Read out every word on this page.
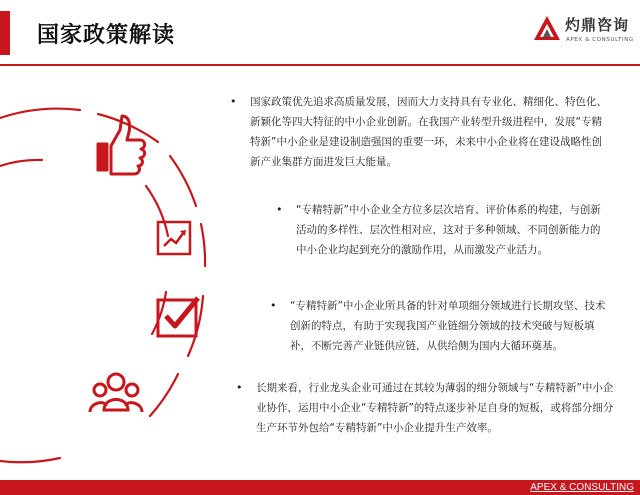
国家政策解读	灼鼎咨询
APEX & CONSULTING
• 国家政策优先追求高质量发展，因而大力支持具有专业化、精细化、特色化、新颖化等四大特征的中小企业创新。在我国产业转型升级进程中，发展“专精特新”中小企业是建设制造强国的重要一环，未来中小企业将在建设战略性创新产业集群方面进发巨大能量。
• “专精特新”中小企业全方位多层次培育、评价体系的构建，与创新活动的多样性、层次性相对应，这对于多种领域、不同创新能力的中小企业均起到充分的激励作用，从而激发产业活力。
• “专精特新”中小企业所具备的针对单项细分领域进行长期攻坚、技术创新的特点，有助于实现我国产业链细分领域的技术突破与短板填补，不断完善产业链供应链，从供给侧为国内大循环奠基。
• 长期来看，行业龙头企业可通过在其较为薄弱的细分领域与“专精特新”中小企业协作，运用中小企业“专精特新”的特点逐步补足自身的短板，或将部分细分生产环节外包给“专精特新”中小企业提升生产效率。
APEX & CONSULTING
